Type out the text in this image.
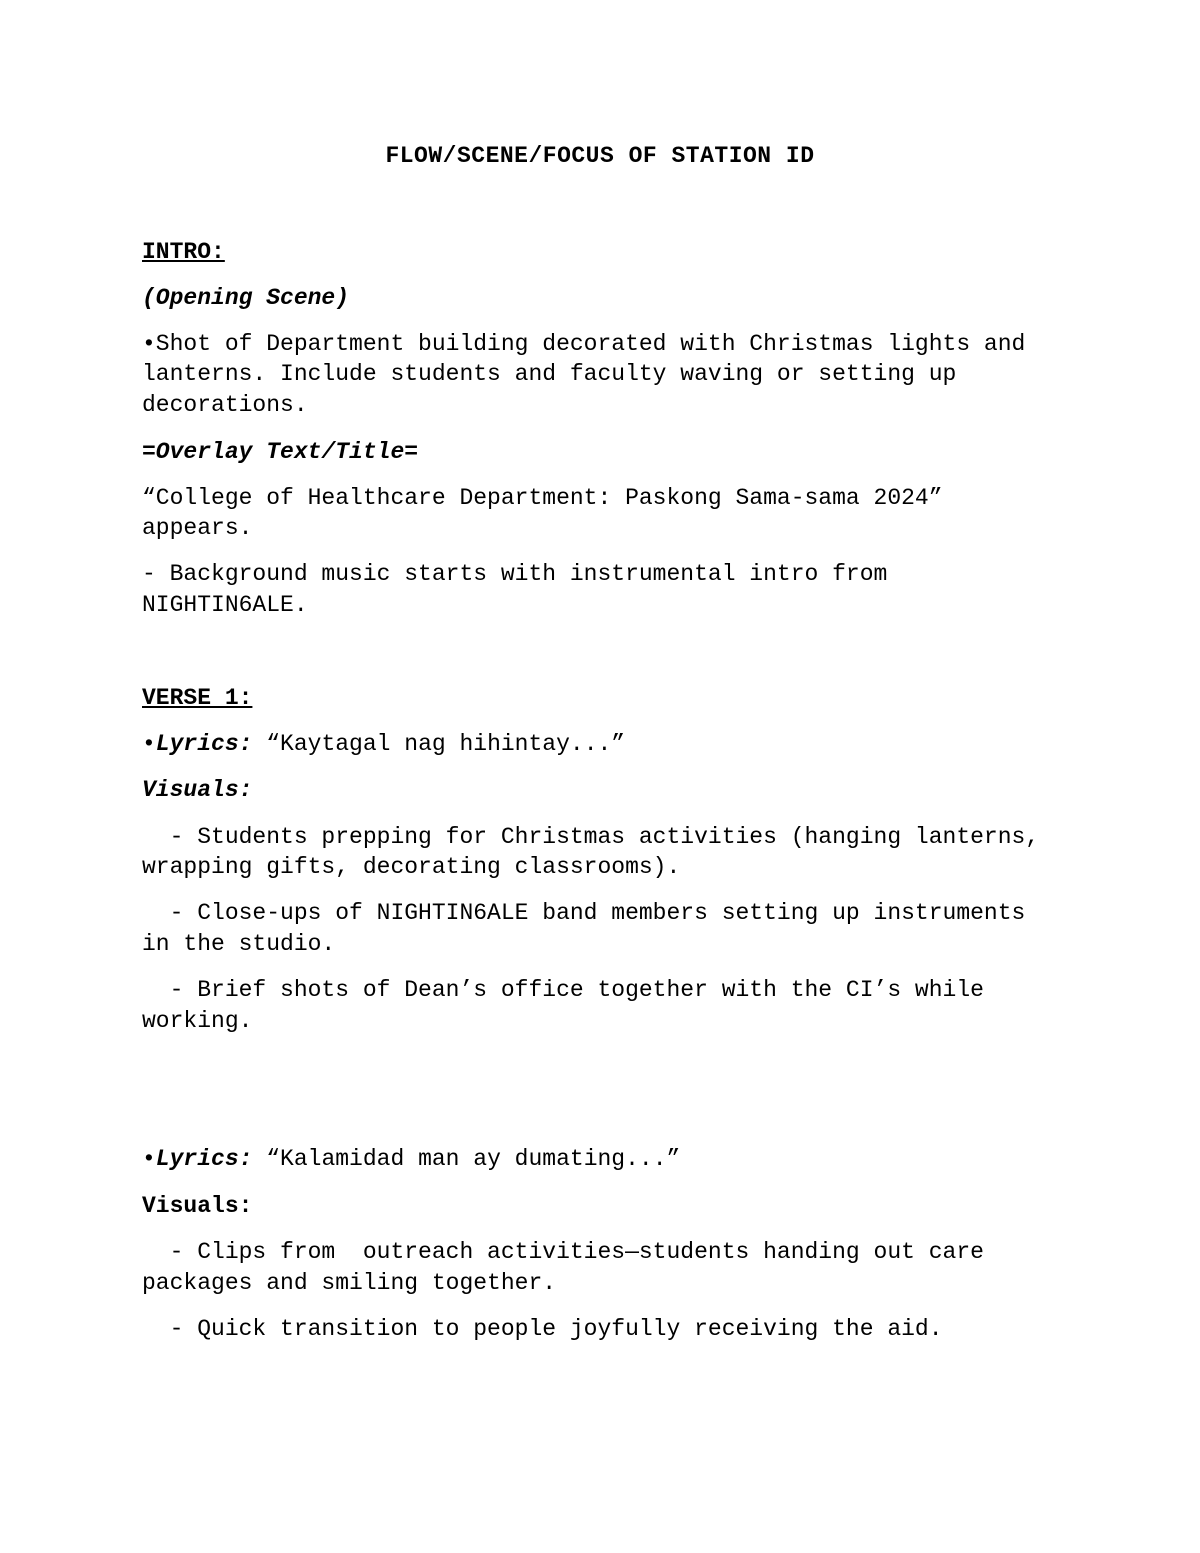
FLOW/SCENE/FOCUS OF STATION ID

INTRO:

(Opening Scene)

•Shot of Department building decorated with Christmas lights and

lanterns. Include students and faculty waving or setting up

decorations.

=Overlay Text/Title=

“College of Healthcare Department: Paskong Sama-sama 2024”

appears.

- Background music starts with instrumental intro from

NIGHTIN6ALE.

VERSE 1:

•Lyrics: “Kaytagal nag hihintay...”

Visuals:

- Students prepping for Christmas activities (hanging lanterns,

wrapping gifts, decorating classrooms).

- Close-ups of NIGHTIN6ALE band members setting up instruments

in the studio.

- Brief shots of Dean’s office together with the CI’s while

working.

•Lyrics: “Kalamidad man ay dumating...”

Visuals:

- Clips from  outreach activities—students handing out care

packages and smiling together.

- Quick transition to people joyfully receiving the aid.
